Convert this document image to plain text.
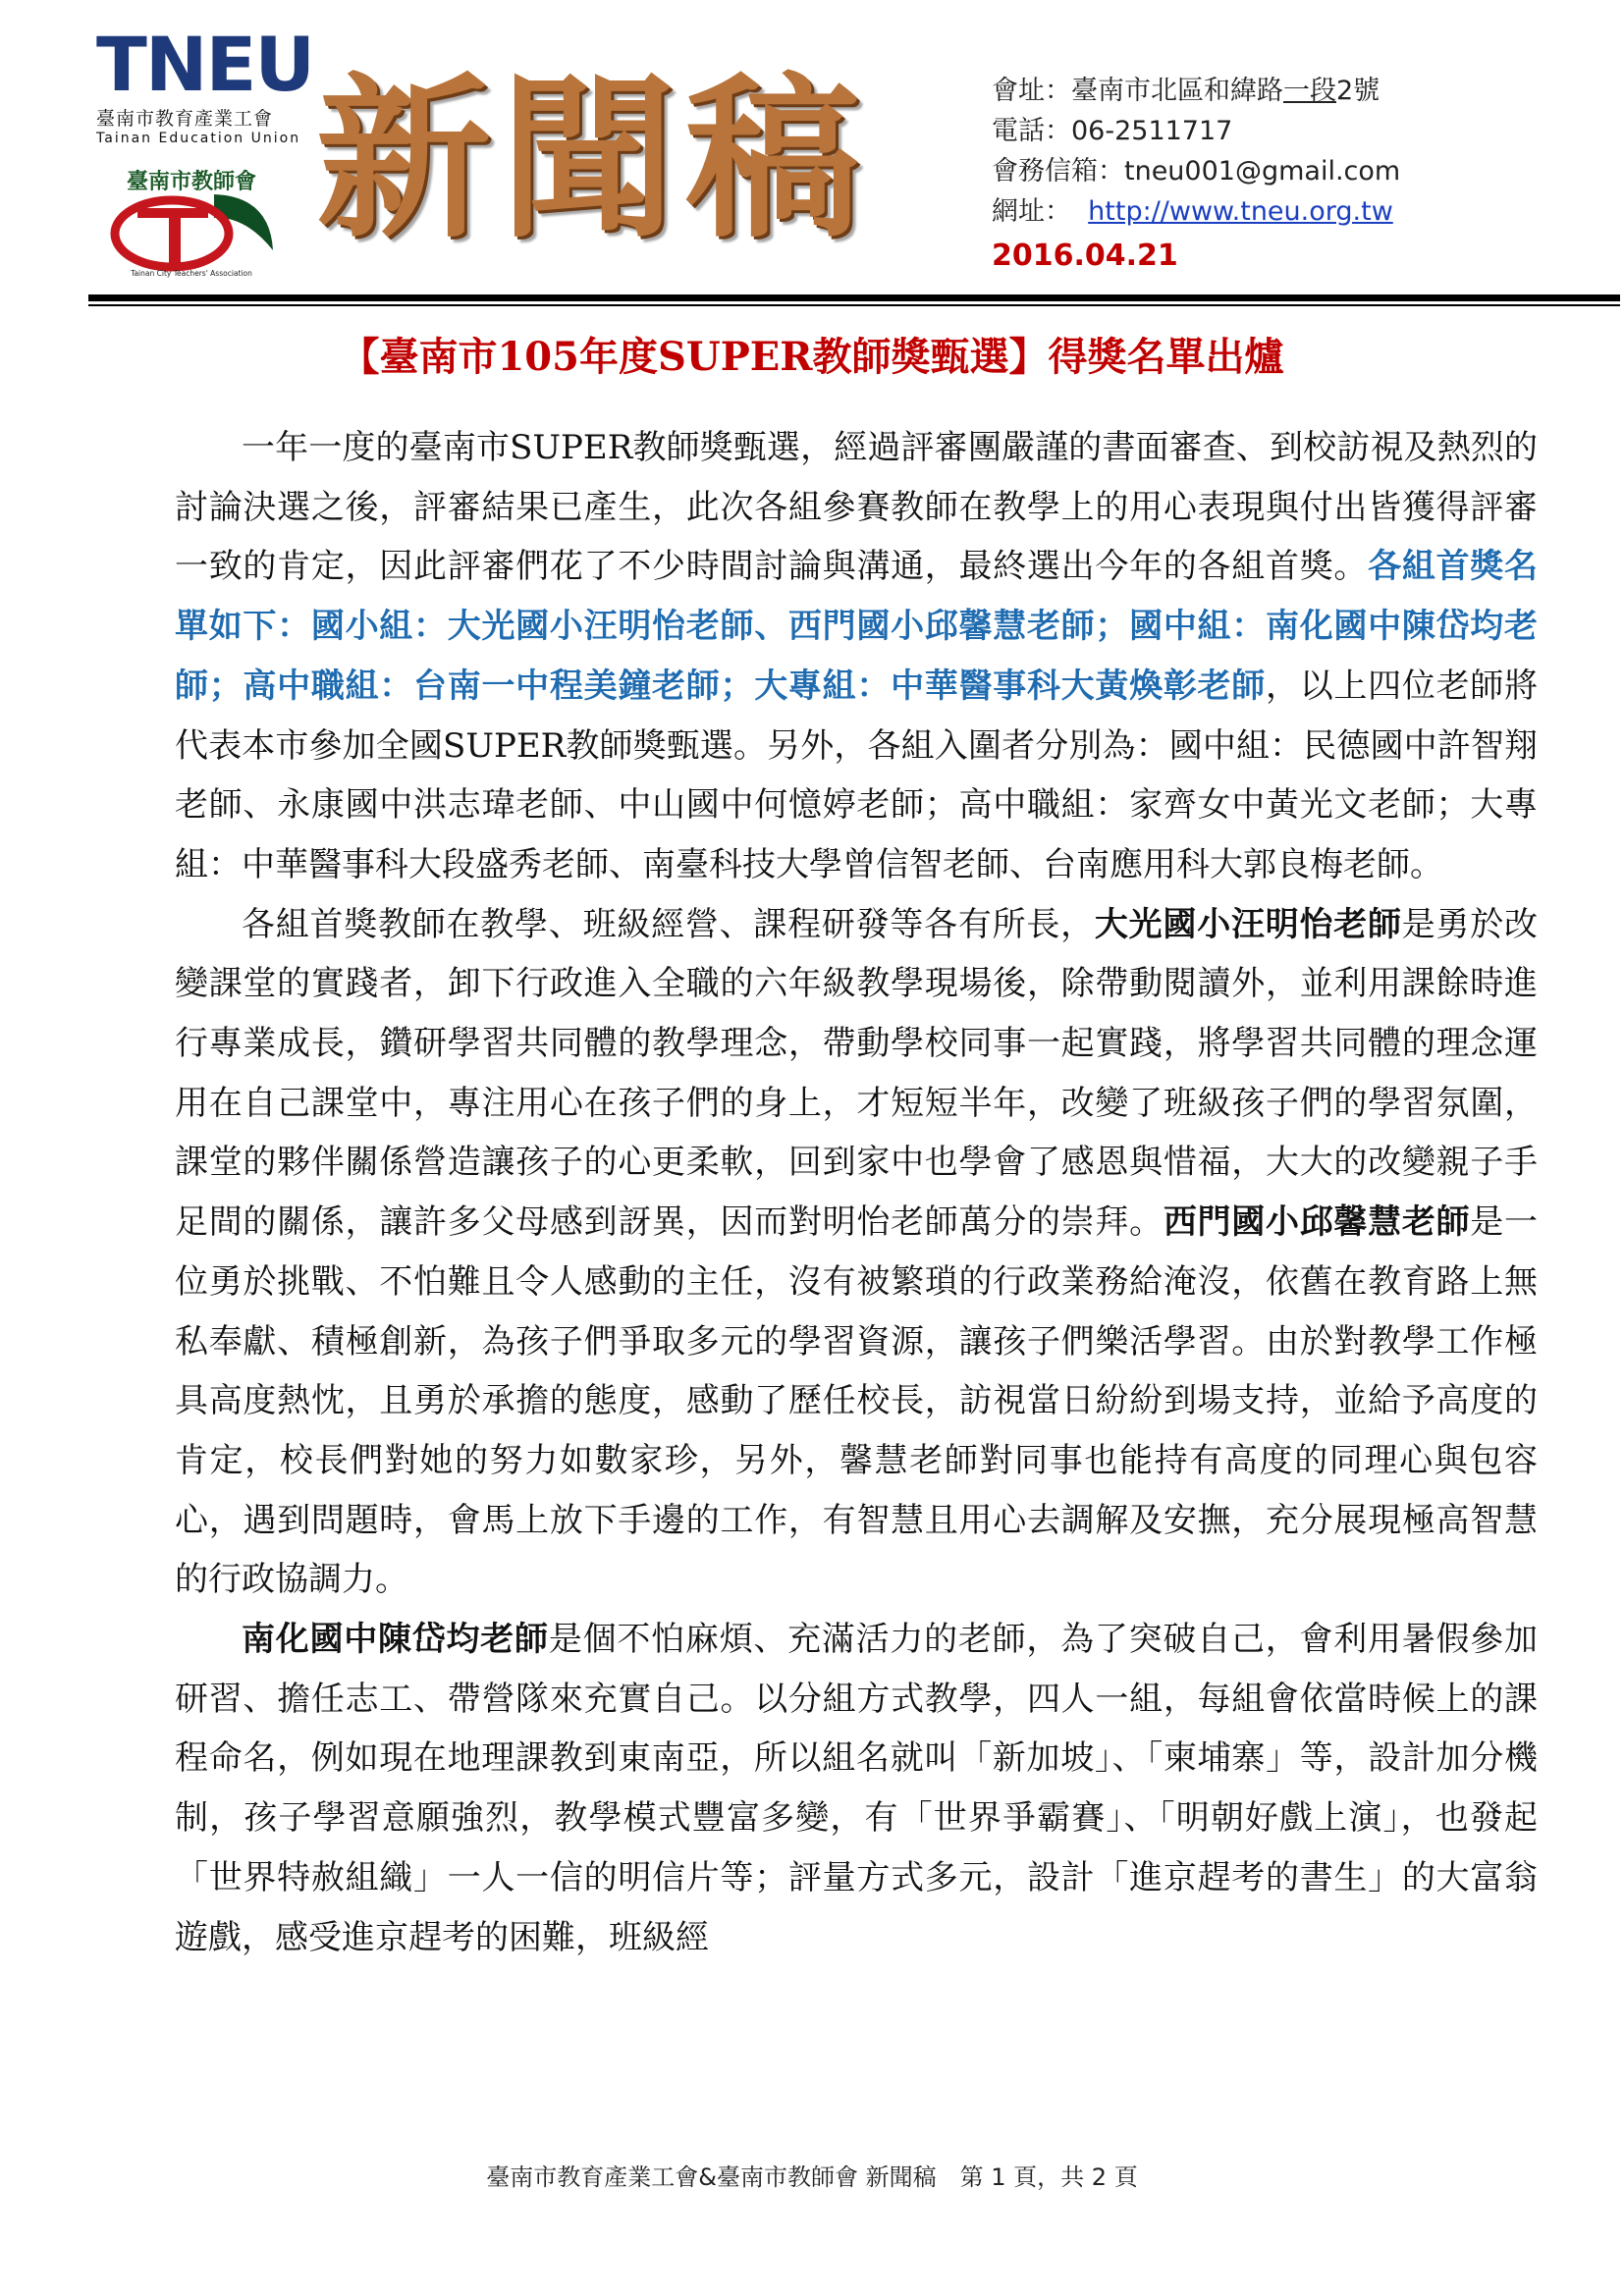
TNEU
臺南市教育產業工會
Tainan Education Union
臺南市教師會
Tainan City Teachers' Association
新聞稿	會址：臺南市北區和緯路一段2號
電話：06-2511717
會務信箱：tneu001@gmail.com
網址： http://www.tneu.org.tw
2016.04.21
【臺南市105年度SUPER教師獎甄選】得獎名單出爐

一年一度的臺南市SUPER教師獎甄選，經過評審團嚴謹的書面審查、到校訪視及熱烈的討論決選之後，評審結果已產生，此次各組參賽教師在教學上的用心表現與付出皆獲得評審一致的肯定，因此評審們花了不少時間討論與溝通，最終選出今年的各組首獎。各組首獎名單如下：國小組：大光國小汪明怡老師、西門國小邱馨慧老師；國中組：南化國中陳岱均老師；高中職組：台南一中程美鐘老師；大專組：中華醫事科大黃煥彰老師，以上四位老師將代表本市參加全國SUPER教師獎甄選。另外，各組入圍者分別為：國中組：民德國中許智翔老師、永康國中洪志瑋老師、中山國中何憶婷老師；高中職組：家齊女中黃光文老師；大專組：中華醫事科大段盛秀老師、南臺科技大學曾信智老師、台南應用科大郭良梅老師。

各組首獎教師在教學、班級經營、課程研發等各有所長，大光國小汪明怡老師是勇於改變課堂的實踐者，卸下行政進入全職的六年級教學現場後，除帶動閱讀外，並利用課餘時進行專業成長，鑽研學習共同體的教學理念，帶動學校同事一起實踐，將學習共同體的理念運用在自己課堂中，專注用心在孩子們的身上，才短短半年，改變了班級孩子們的學習氛圍，課堂的夥伴關係營造讓孩子的心更柔軟，回到家中也學會了感恩與惜福，大大的改變親子手足間的關係，讓許多父母感到訝異，因而對明怡老師萬分的崇拜。西門國小邱馨慧老師是一位勇於挑戰、不怕難且令人感動的主任，沒有被繁瑣的行政業務給淹沒，依舊在教育路上無私奉獻、積極創新，為孩子們爭取多元的學習資源，讓孩子們樂活學習。由於對教學工作極具高度熱忱，且勇於承擔的態度，感動了歷任校長，訪視當日紛紛到場支持，並給予高度的肯定，校長們對她的努力如數家珍，另外，馨慧老師對同事也能持有高度的同理心與包容心，遇到問題時，會馬上放下手邊的工作，有智慧且用心去調解及安撫，充分展現極高智慧的行政協調力。

南化國中陳岱均老師是個不怕麻煩、充滿活力的老師，為了突破自己，會利用暑假參加研習、擔任志工、帶營隊來充實自己。以分組方式教學，四人一組，每組會依當時候上的課程命名，例如現在地理課教到東南亞，所以組名就叫「新加坡」、「柬埔寨」等，設計加分機制，孩子學習意願強烈，教學模式豐富多變，有「世界爭霸賽」、「明朝好戲上演」，也發起「世界特赦組織」一人一信的明信片等；評量方式多元，設計「進京趕考的書生」的大富翁遊戲，感受進京趕考的困難，班級經

臺南市教育產業工會&臺南市教師會 新聞稿　第 1 頁，共 2 頁
